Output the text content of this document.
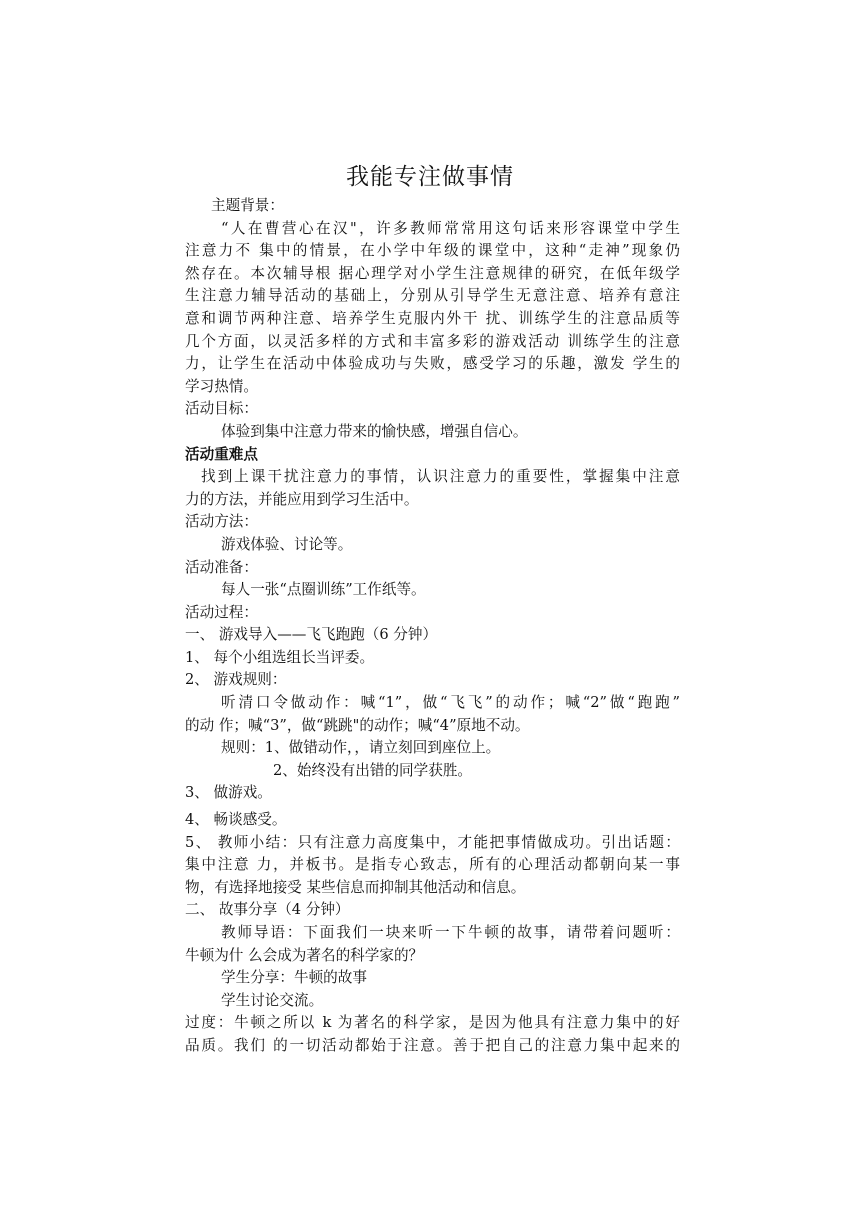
我能专注做事情

主题背景：

“人在曹营心在汉"，许多教师常常用这句话来形容课堂中学生

注意力不 集中的情景，在小学中年级的课堂中，这种“走神”现象仍

然存在。本次辅导根 据心理学对小学生注意规律的研究，在低年级学

生注意力辅导活动的基础上，分别从引导学生无意注意、培养有意注

意和调节两种注意、培养学生克服内外干 扰、训练学生的注意品质等

几个方面，以灵活多样的方式和丰富多彩的游戏活动 训练学生的注意

力，让学生在活动中体验成功与失败，感受学习的乐趣，激发 学生的

学习热情。

活动目标：

体验到集中注意力带来的愉快感，增强自信心。

活动重难点

找到上课干扰注意力的事情，认识注意力的重要性，掌握集中注意

力的方法，并能应用到学习生活中。

活动方法：

游戏体验、讨论等。

活动准备：

每人一张“点圈训练”工作纸等。

活动过程：

一、 游戏导入——飞飞跑跑（6 分钟）

1、 每个小组选组长当评委。

2、 游戏规则：

听清口令做动作：喊“1”，做“飞飞”的动作；喊“2”做“跑跑”

的动 作；喊“3”，做“跳跳"的动作；喊“4”原地不动。

规则：1、做错动作，，请立刻回到座位上。

2、始终没有出错的同学获胜。

3、 做游戏。

4、 畅谈感受。

5、 教师小结：只有注意力高度集中，才能把事情做成功。引出话题：

集中注意 力，并板书。是指专心致志，所有的心理活动都朝向某一事

物，有选择地接受 某些信息而抑制其他活动和信息。

二、 故事分享（4 分钟）

教师导语：下面我们一块来听一下牛顿的故事，请带着问题听：

牛顿为什 么会成为著名的科学家的？

学生分享：牛顿的故事

学生讨论交流。

过度：牛顿之所以 k 为著名的科学家，是因为他具有注意力集中的好

品质。我们 的一切活动都始于注意。善于把自己的注意力集中起来的
